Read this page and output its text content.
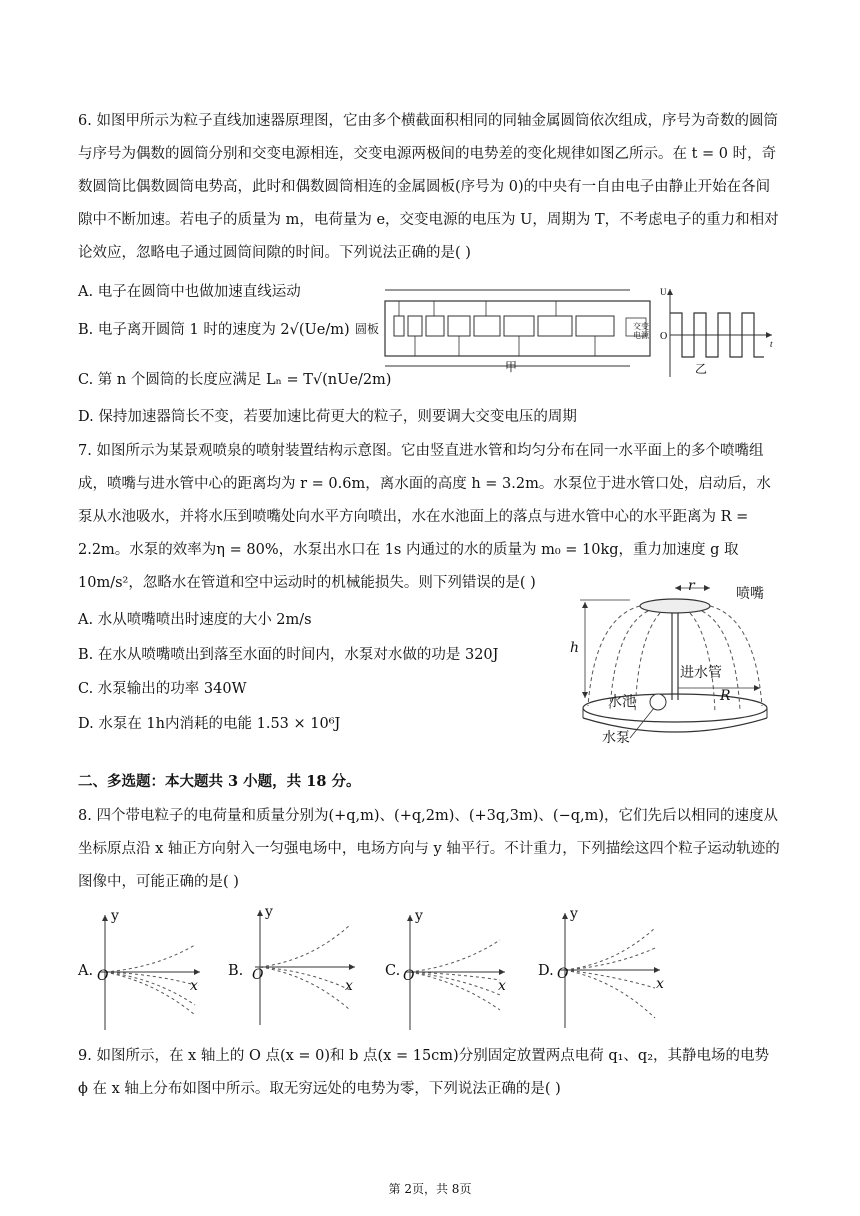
6. 如图甲所示为粒子直线加速器原理图，它由多个横截面积相同的同轴金属圆筒依次组成，序号为奇数的圆筒与序号为偶数的圆筒分别和交变电源相连，交变电源两极间的电势差的变化规律如图乙所示。在 t = 0 时，奇数圆筒比偶数圆筒电势高，此时和偶数圆筒相连的金属圆板(序号为 0)的中央有一自由电子由静止开始在各间隙中不断加速。若电子的质量为 m，电荷量为 e，交变电源的电压为 U，周期为 T，不考虑电子的重力和相对论效应，忽略电子通过圆筒间隙的时间。下列说法正确的是( )
A. 电子在圆筒中也做加速直线运动
B. 电子离开圆筒 1 时的速度为 2√(Ue/m)
C. 第 n 个圆筒的长度应满足 Lₙ = T√(nUe/2m)
D. 保持加速器筒长不变，若要加速比荷更大的粒子，则要调大交变电压的周期
圆板	交变电源
甲
U
O
t
乙
7. 如图所示为某景观喷泉的喷射装置结构示意图。它由竖直进水管和均匀分布在同一水平面上的多个喷嘴组成，喷嘴与进水管中心的距离均为 r = 0.6m，离水面的高度 h = 3.2m。水泵位于进水管口处，启动后，水泵从水池吸水，并将水压到喷嘴处向水平方向喷出，水在水池面上的落点与进水管中心的水平距离为 R = 2.2m。水泵的效率为η = 80%，水泵出水口在 1s 内通过的水的质量为 m₀ = 10kg，重力加速度 g 取 10m/s²，忽略水在管道和空中运动时的机械能损失。则下列错误的是( )
A. 水从喷嘴喷出时速度的大小 2m/s
B. 在水从喷嘴喷出到落至水面的时间内，水泵对水做的功是 320J
C. 水泵输出的功率 340W
D. 水泵在 1h内消耗的电能 1.53 × 10⁶J
喷嘴
进水管
水池
水泵
r
h
R
二、多选题：本大题共 3 小题，共 18 分。
8. 四个带电粒子的电荷量和质量分别为(+q,m)、(+q,2m)、(+3q,3m)、(−q,m)，它们先后以相同的速度从坐标原点沿 x 轴正方向射入一匀强电场中，电场方向与 y 轴平行。不计重力，下列描绘这四个粒子运动轨迹的图像中，可能正确的是( )
A.	B.	C.	D.
y
O
x
y
O
x
y
O
x
y
O
x
9. 如图所示，在 x 轴上的 O 点(x = 0)和 b 点(x = 15cm)分别固定放置两点电荷 q₁、q₂，其静电场的电势 ϕ 在 x 轴上分布如图中所示。取无穷远处的电势为零，下列说法正确的是( )
第 2页，共 8页
